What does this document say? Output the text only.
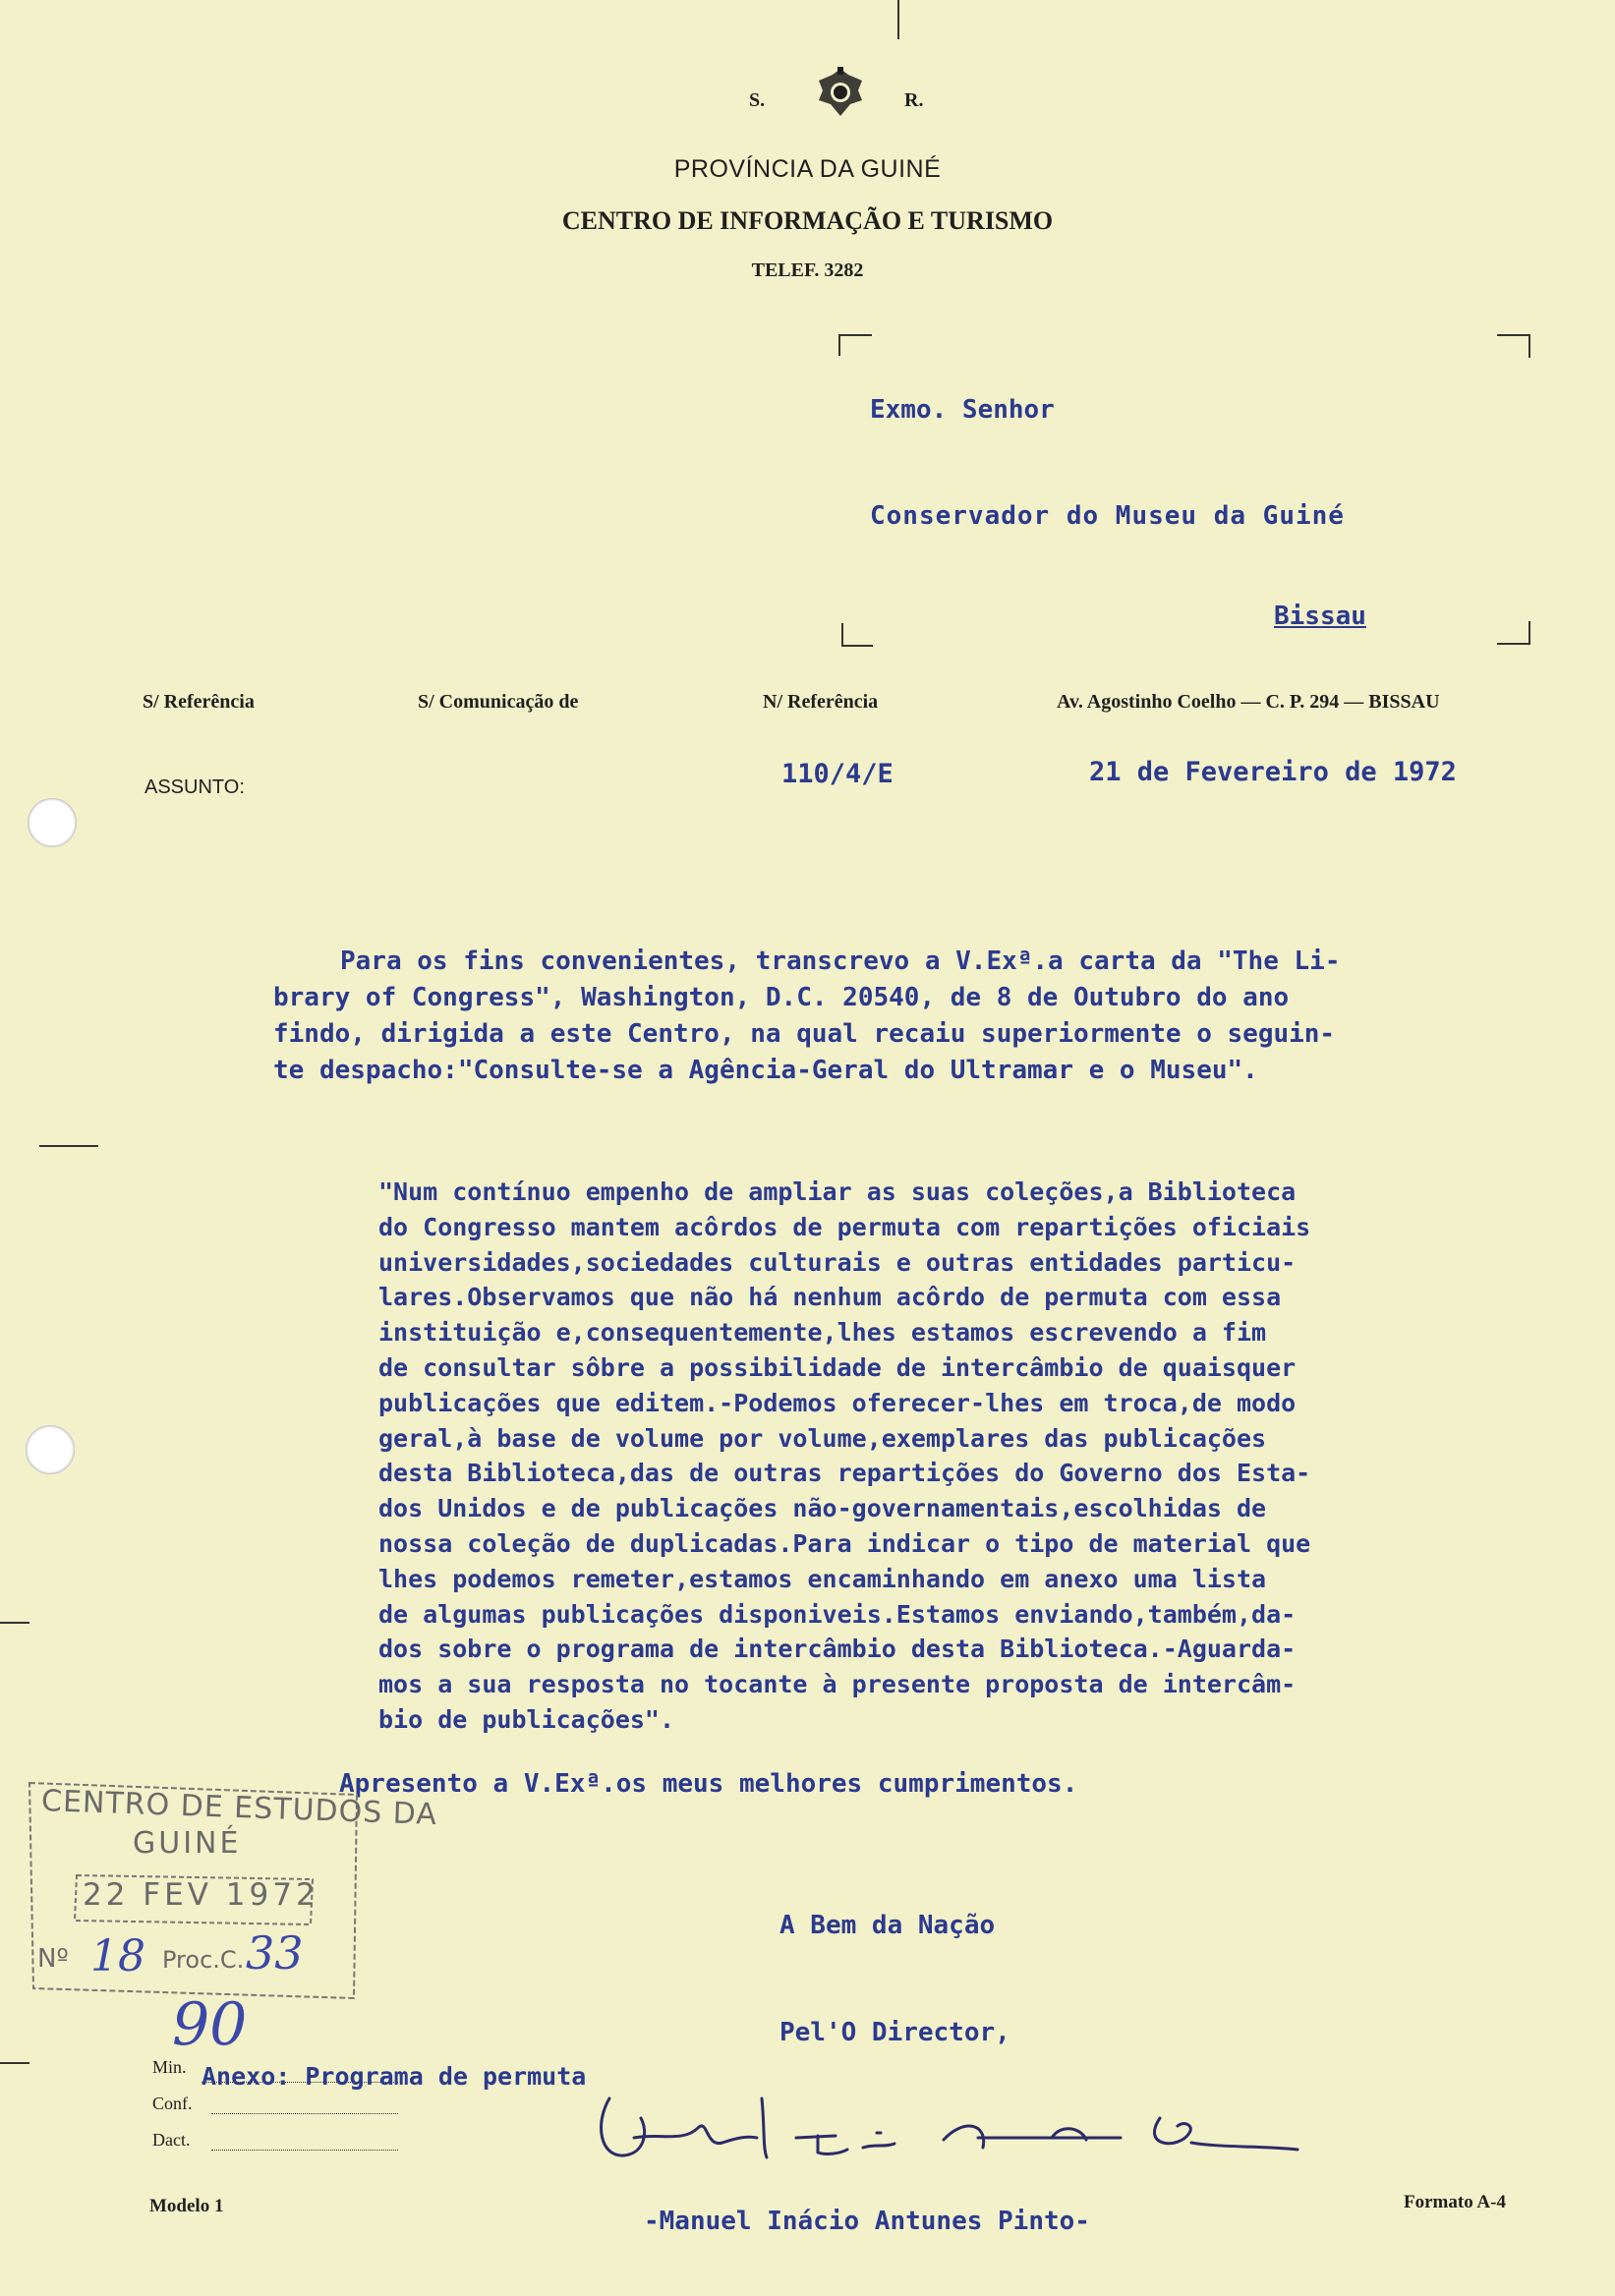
S.	R.
PROVÍNCIA DA GUINÉ
CENTRO DE INFORMAÇÃO E TURISMO
TELEF. 3282
Exmo. Senhor
Conservador do Museu da Guiné
Bissau
S/ Referência	S/ Comunicação de	N/ Referência	Av. Agostinho Coelho — C. P. 294 — BISSAU
ASSUNTO:	110/4/E	21 de Fevereiro de 1972
Para os fins convenientes, transcrevo a V.Exª.a carta da "The Li-
brary of Congress", Washington, D.C. 20540, de 8 de Outubro do ano
findo, dirigida a este Centro, na qual recaiu superiormente o seguin-
te despacho:"Consulte-se a Agência-Geral do Ultramar e o Museu".
"Num contínuo empenho de ampliar as suas coleções,a Biblioteca
do Congresso mantem acôrdos de permuta com repartições oficiais
universidades,sociedades culturais e outras entidades particu-
lares.Observamos que não há nenhum acôrdo de permuta com essa
instituição e,consequentemente,lhes estamos escrevendo a fim
de consultar sôbre a possibilidade de intercâmbio de quaisquer
publicações que editem.-Podemos oferecer-lhes em troca,de modo
geral,à base de volume por volume,exemplares das publicações
desta Biblioteca,das de outras repartições do Governo dos Esta-
dos Unidos e de publicações não-governamentais,escolhidas de
nossa coleção de duplicadas.Para indicar o tipo de material que
lhes podemos remeter,estamos encaminhando em anexo uma lista
de algumas publicações disponiveis.Estamos enviando,também,da-
dos sobre o programa de intercâmbio desta Biblioteca.-Aguarda-
mos a sua resposta no tocante à presente proposta de intercâm-
bio de publicações".
Apresento a V.Exª.os meus melhores cumprimentos.
A Bem da Nação
Pel'O Director,
CENTRO DE ESTUDOS DA
GUINÉ
22 FEV 1972
Nº 18 Proc.C. 33
90
Min.
Conf.
Dact.
Anexo: Programa de permuta
-Manuel Inácio Antunes Pinto-
Modelo 1	Formato A-4
